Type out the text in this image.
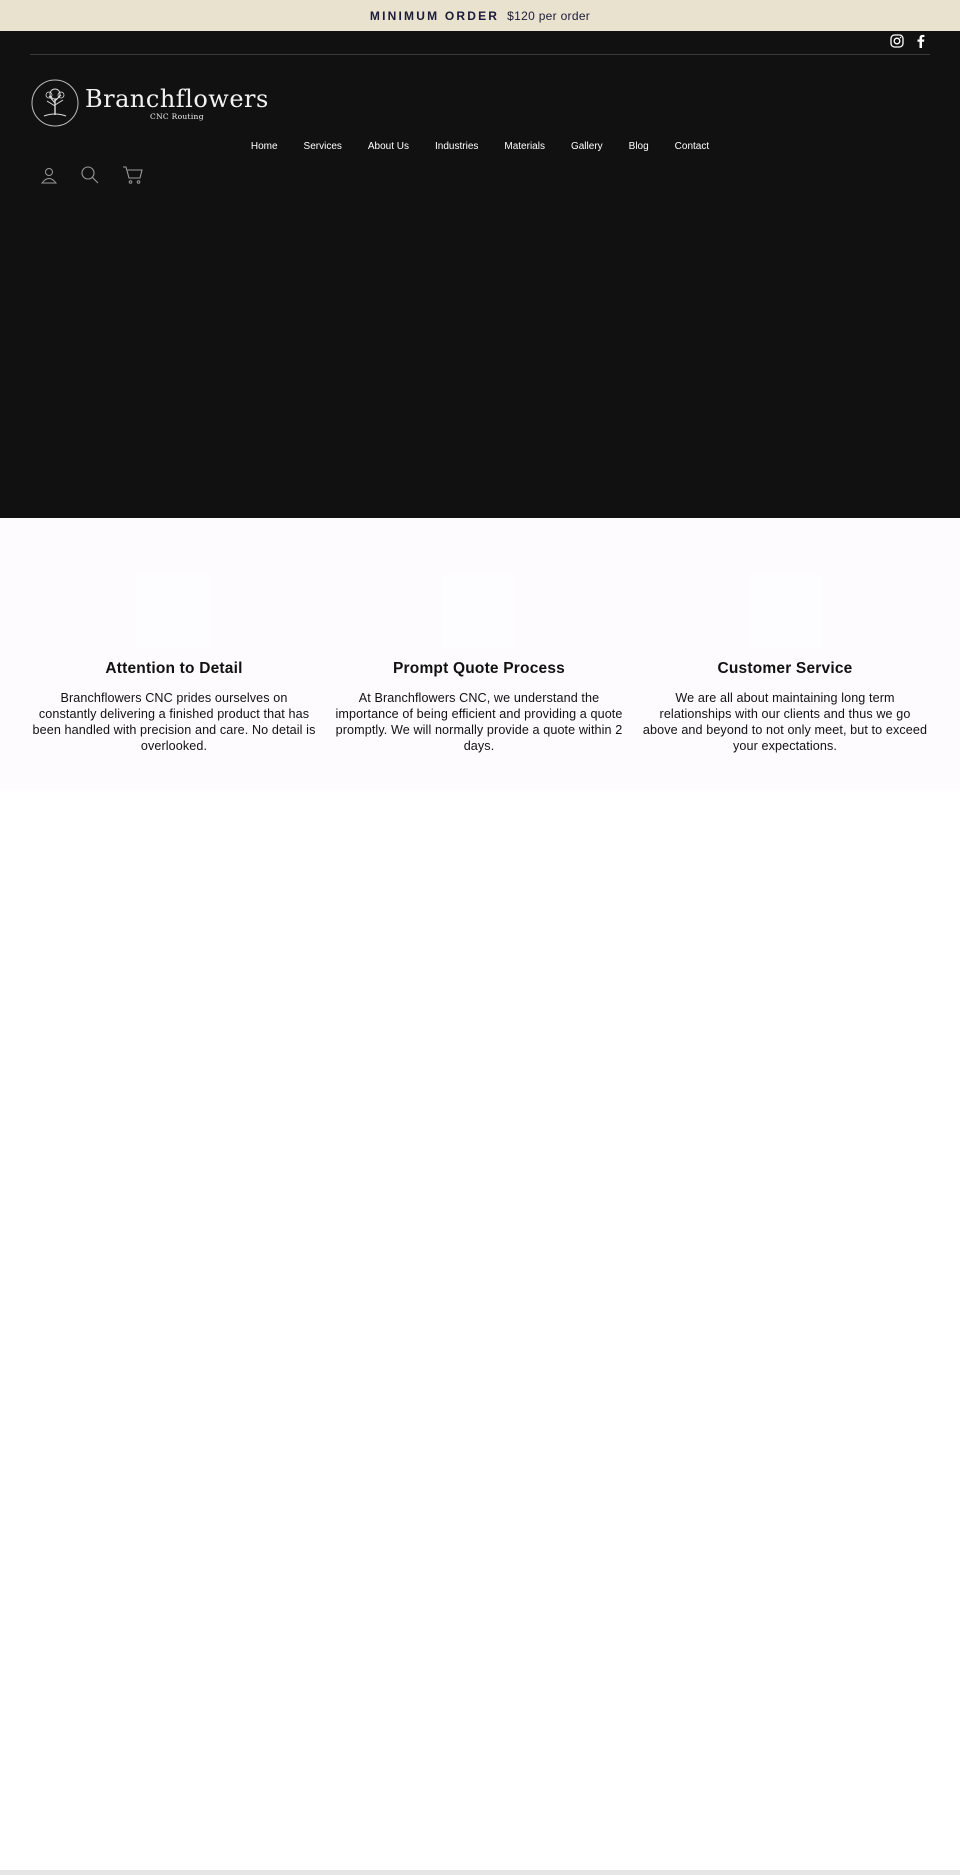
MINIMUM ORDER $120 per order
Branchflowers
CNC Routing
Home	Services	About Us	Industries	Materials	Gallery	Blog	Contact
Attention to Detail

Branchflowers CNC prides ourselves on constantly delivering a finished product that has been handled with precision and care. No detail is overlooked.

Prompt Quote Process

At Branchflowers CNC, we understand the importance of being efficient and providing a quote promptly. We will normally provide a quote within 2 days.

Customer Service

We are all about maintaining long term relationships with our clients and thus we go above and beyond to not only meet, but to exceed your expectations.
